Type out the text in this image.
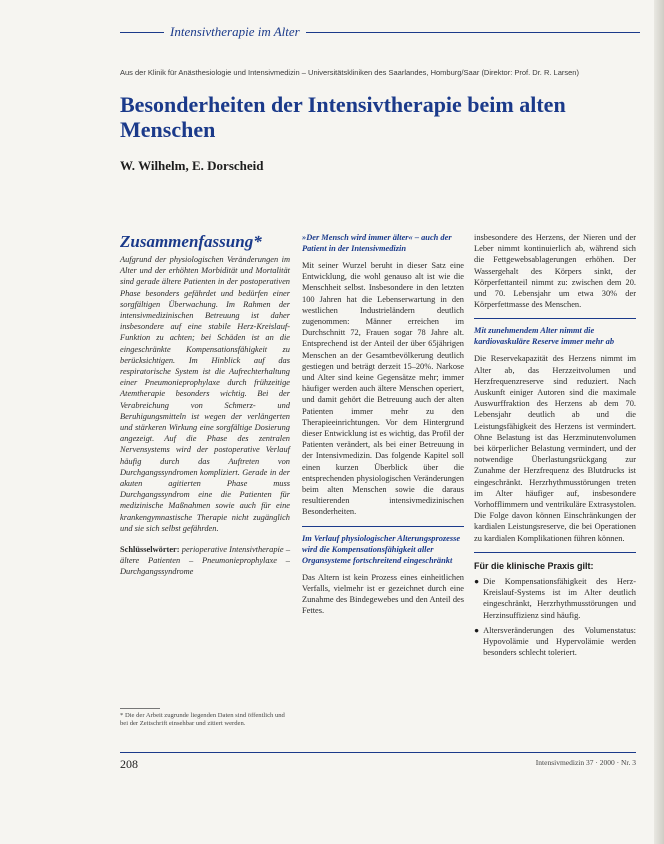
Intensivtherapie im Alter
Aus der Klinik für Anästhesiologie und Intensivmedizin – Universitätskliniken des Saarlandes, Homburg/Saar (Direktor: Prof. Dr. R. Larsen)
Besonderheiten der Intensivtherapie beim alten Menschen
W. Wilhelm, E. Dorscheid
Zusammenfassung*
Aufgrund der physiologischen Veränderungen im Alter und der erhöhten Morbidität und Mortalität sind gerade ältere Patienten in der postoperativen Phase besonders gefährdet und bedürfen einer sorgfältigen Überwachung. Im Rahmen der intensivmedizinischen Betreuung ist daher insbesondere auf eine stabile Herz-Kreislauf-Funktion zu achten; bei Schäden ist an die eingeschränkte Kompensationsfähigkeit zu berücksichtigen. Im Hinblick auf das respiratorische System ist die Aufrechterhaltung einer Pneumonieprophylaxe durch frühzeitige Atemtherapie besonders wichtig. Bei der Verabreichung von Schmerz- und Beruhigungsmitteln ist wegen der verlängerten und stärkeren Wirkung eine sorgfältige Dosierung angezeigt. Auf die Phase des zentralen Nervensystems wird der postoperative Verlauf häufig durch das Auftreten von Durchgangssyndromen kompliziert. Gerade in der akuten agitierten Phase muss Durchgangssyndrom eine die Patienten für medizinische Maßnahmen sowie auch für eine krankengymnastische Therapie nicht zugänglich und sie sich selbst gefährden.
Schlüsselwörter: perioperative Intensivtherapie – ältere Patienten – Pneumonieprophylaxe – Durchgangssyndrome
* Die der Arbeit zugrunde liegenden Daten sind öffentlich und bei der Zeitschrift einsehbar und zitiert werden.
»Der Mensch wird immer älter« – auch der Patient in der Intensivmedizin

Mit seiner Wurzel beruht in dieser Satz eine Entwicklung, die wohl genauso alt ist wie die Menschheit selbst. Insbesondere in den letzten 100 Jahren hat die Lebenserwartung in den westlichen Industrieländern deutlich zugenommen: Männer erreichen im Durchschnitt 72, Frauen sogar 78 Jahre alt. Entsprechend ist der Anteil der über 65jährigen Menschen an der Gesamtbevölkerung deutlich gestiegen und beträgt derzeit 15–20%. Narkose und Alter sind keine Gegensätze mehr; immer häufiger werden auch ältere Menschen operiert, und damit gehört die Betreuung auch der alten Patienten immer mehr zu den Therapieeinrichtungen. Vor dem Hintergrund dieser Entwicklung ist es wichtig, das Profil der Patienten verändert, als bei einer Betreuung in der Intensivmedizin. Das folgende Kapitel soll einen kurzen Überblick über die entsprechenden physiologischen Veränderungen beim alten Menschen sowie die daraus resultierenden intensivmedizinischen Besonderheiten.

Im Verlauf physiologischer Alterungsprozesse wird die Kompensationsfähigkeit aller Organsysteme fortschreitend eingeschränkt

Das Altern ist kein Prozess eines einheitlichen Verfalls, vielmehr ist er gezeichnet durch eine Zunahme des Bindegewebes und den Anteil des Fettes.

insbesondere des Herzens, der Nieren und der Leber nimmt kontinuierlich ab, während sich die Fettgewebsablagerungen erhöhen. Der Wassergehalt des Körpers sinkt, der Körperfettanteil nimmt zu: zwischen dem 20. und 70. Lebensjahr um etwa 30% der Körperfettmasse des Menschen.

Mit zunehmendem Alter nimmt die kardiovaskuläre Reserve immer mehr ab

Die Reservekapazität des Herzens nimmt im Alter ab, das Herzzeitvolumen und Herzfrequenzreserve sind reduziert. Nach Auskunft einiger Autoren sind die maximale Auswurffraktion des Herzens ab dem 70. Lebensjahr deutlich ab und die Leistungsfähigkeit des Herzens ist vermindert. Ohne Belastung ist das Herzminutenvolumen bei körperlicher Belastung vermindert, und der notwendige Überlastungsrückgang zur Zunahme der Herzfrequenz des Blutdrucks ist eingeschränkt. Herzrhythmusstörungen treten im Alter häufiger auf, insbesondere Vorhofflimmern und ventrikuläre Extrasystolen. Die Folge davon können Einschränkungen der kardialen Leistungsreserve, die bei Operationen zu kardialen Komplikationen führen können.

Für die klinische Praxis gilt:
● Die Kompensationsfähigkeit des Herz-Kreislauf-Systems ist im Alter deutlich eingeschränkt, Herzrhythmusstörungen und Herzinsuffizienz sind häufig.
● Altersveränderungen des Volumenstatus: Hypovolämie und Hypervolämie werden besonders schlecht toleriert.
208	Intensivmedizin 37 · 2000 · Nr. 3
